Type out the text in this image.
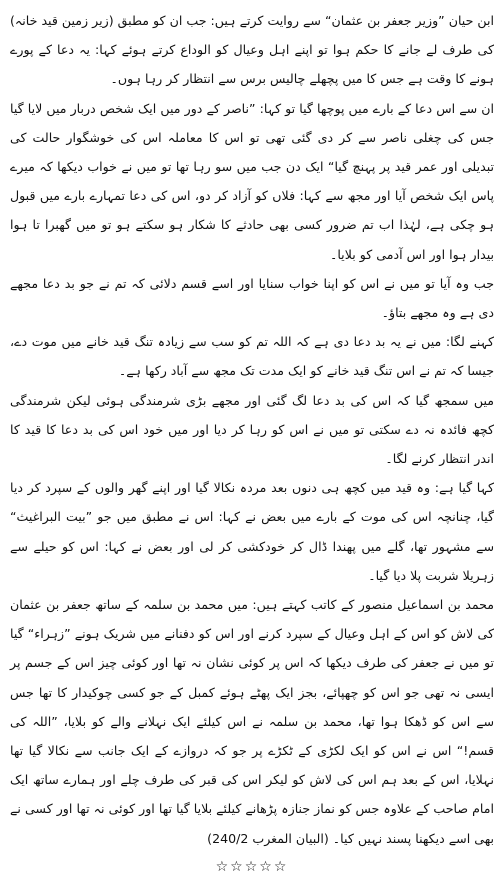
ابن حیان ”وزیر جعفر بن عثمان“ سے روایت کرتے ہیں: جب ان کو مطبق (زیر زمین قید خانہ) کی طرف لے جانے کا حکم ہوا تو اپنے اہل وعیال کو الوداع کرتے ہوئے کہا: یہ دعا کے پورے ہونے کا وقت ہے جس کا میں پچھلے چالیس برس سے انتظار کر رہا ہوں۔

ان سے اس دعا کے بارے میں پوچھا گیا تو کہا: ”ناصر کے دور میں ایک شخص دربار میں لایا گیا جس کی چغلی ناصر سے کر دی گئی تھی تو اس کا معاملہ اس کی خوشگوار حالت کی تبدیلی اور عمر قید پر پہنچ گیا“ ایک دن جب میں سو رہا تھا تو میں نے خواب دیکھا کہ میرے پاس ایک شخص آیا اور مجھ سے کہا: فلاں کو آزاد کر دو، اس کی دعا تمہارے بارے میں قبول ہو چکی ہے، لہٰذا اب تم ضرور کسی بھی حادثے کا شکار ہو سکتے ہو تو میں گھبرا تا ہوا بیدار ہوا اور اس آدمی کو بلایا۔

جب وہ آیا تو میں نے اس کو اپنا خواب سنایا اور اسے قسم دلائی کہ تم نے جو بد دعا مجھے دی ہے وہ مجھے بتاؤ۔

کہنے لگا: میں نے یہ بد دعا دی ہے کہ اللہ تم کو سب سے زیادہ تنگ قید خانے میں موت دے، جیسا کہ تم نے اس تنگ قید خانے کو ایک مدت تک مجھ سے آباد رکھا ہے۔

میں سمجھ گیا کہ اس کی بد دعا لگ گئی اور مجھے بڑی شرمندگی ہوئی لیکن شرمندگی کچھ فائدہ نہ دے سکتی تو میں نے اس کو رہا کر دیا اور میں خود اس کی بد دعا کا قید کا اندر انتظار کرنے لگا۔

کہا گیا ہے: وہ قید میں کچھ ہی دنوں بعد مردہ نکالا گیا اور اپنے گھر والوں کے سپرد کر دیا گیا، چنانچہ اس کی موت کے بارے میں بعض نے کہا: اس نے مطبق میں جو ”بیت البراغیث“ سے مشہور تھا، گلے میں پھندا ڈال کر خودکشی کر لی اور بعض نے کہا: اس کو حیلے سے زہریلا شربت پلا دیا گیا۔

محمد بن اسماعیل منصور کے کاتب کہتے ہیں: میں محمد بن سلمہ کے ساتھ جعفر بن عثمان کی لاش کو اس کے اہل وعیال کے سپرد کرنے اور اس کو دفنانے میں شریک ہونے ”زہراء“ گیا تو میں نے جعفر کی طرف دیکھا کہ اس پر کوئی نشان نہ تھا اور کوئی چیز اس کے جسم پر ایسی نہ تھی جو اس کو چھپائے، بجز ایک پھٹے ہوئے کمبل کے جو کسی چوکیدار کا تھا جس سے اس کو ڈھکا ہوا تھا، محمد بن سلمہ نے اس کیلئے ایک نہلانے والے کو بلایا، ”اللہ کی قسم!“ اس نے اس کو ایک لکڑی کے ٹکڑے پر جو کہ دروازے کے ایک جانب سے نکالا گیا تھا نہلایا، اس کے بعد ہم اس کی لاش کو لیکر اس کی قبر کی طرف چلے اور ہمارے ساتھ ایک امام صاحب کے علاوہ جس کو نماز جنازہ پڑھانے کیلئے بلایا گیا تھا اور کوئی نہ تھا اور کسی نے بھی اسے دیکھنا پسند نہیں کیا۔ (البیان المغرب 240/2)

☆☆☆☆☆
